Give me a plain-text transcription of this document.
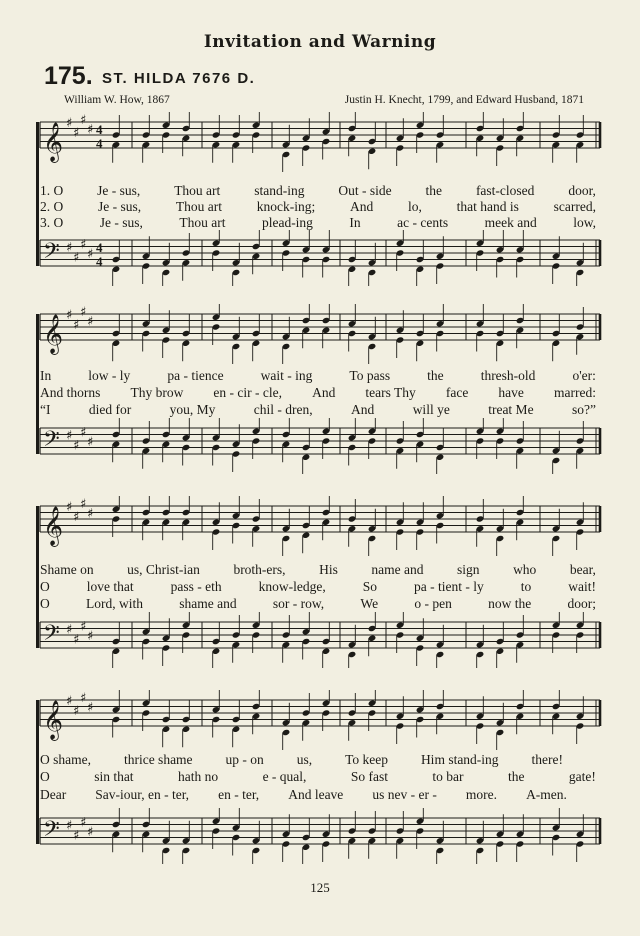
Invitation and Warning
175. ST. HILDA 7676 D.
William W. How, 1867	Justin H. Knecht, 1799, and Edward Husband, 1871
𝄞 ♯
♯
♯
♯ 4
4
1. O	Je - sus,	Thou art	stand-ing	Out - side	the	fast-closed	door,
2. O	Je - sus,	Thou art	knock-ing;	And	lo,	that hand is	scarred,
3. O	Je - sus,	Thou art	plead-ing	In	ac - cents	meek and	low,
𝄢 ♯
♯
♯
♯ 4
4
𝄞 ♯
♯
♯
♯
In	low - ly	pa - tience	wait - ing	To pass	the	thresh-old	o'er:
And thorns Thy brow en - cir - cle, And tears Thy face have marred:
“I	died for	you, My	chil - dren,	And	will ye	treat Me	so?”
𝄢 ♯
♯
♯
♯
𝄞 ♯
♯
♯
♯
Shame on us, Christ-ian broth-ers, His name and sign who bear,
O	love that	pass - eth	know-ledge,	So	pa - tient - ly	to	wait!
O	Lord, with	shame and	sor - row,	We	o - pen	now the	door;
𝄢 ♯
♯
♯
♯
𝄞 ♯
♯
♯
♯
O shame, thrice shame up - on us, To keep Him stand-ing there!
O	sin that	hath no	e - qual,	So fast	to bar	the	gate!
Dear Sav-iour, en - ter, en - ter, And leave us nev - er - more. A-men.
𝄢 ♯
♯
♯
♯
125
